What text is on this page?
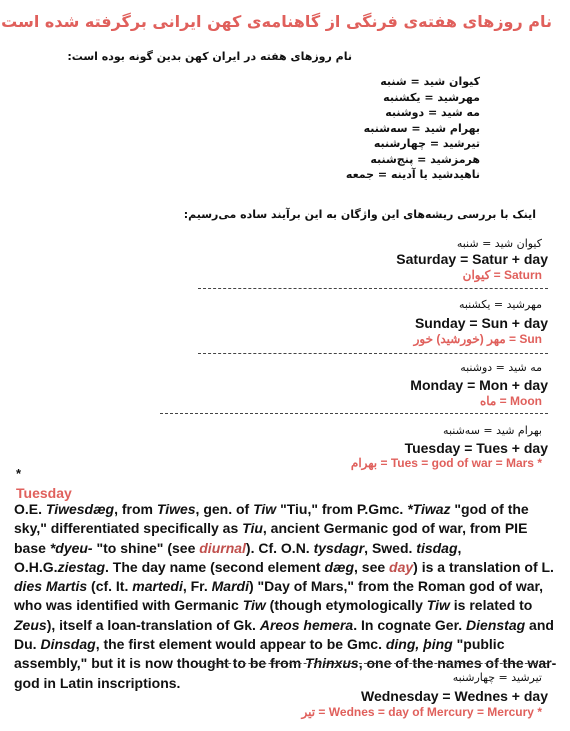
نام روزهای هفته‌ی فرنگی از گاهنامه‌ی کهن ایرانی برگرفته شده است
نام روزهای هفته در ایران کهن بدین گونه بوده است:
کیوان شید = شنبه
مهرشید = یکشنبه
مه شید = دوشنبه
بهرام شید = سه‌شنبه
تیرشید = چهارشنبه
هرمزشید = پنج‌شنبه
ناهیدشید یا آدینه = جمعه
اینک با بررسی ریشه‌های این واژگان به این برآیند ساده می‌رسیم:
کیوان شید = شنبه
Saturday = Satur + day
Saturn = کیوان
مهرشید = یکشنبه
Sunday = Sun + day
Sun = مهر (خورشید) خور
مه شید = دوشنبه
Monday = Mon + day
Moon = ماه
بهرام شید = سه‌شنبه
Tuesday = Tues + day
* Tues = god of war = Mars = بهرام
*
Tuesday
O.E. Tiwesdæg, from Tiwes, gen. of Tiw "Tiu," from P.Gmc. *Tiwaz "god of the sky," differentiated specifically as Tiu, ancient Germanic god of war, from PIE base *dyeu- "to shine" (see diurnal). Cf. O.N. tysdagr, Swed. tisdag, O.H.G.ziestag. The day name (second element dæg, see day) is a translation of L. dies Martis (cf. It. martedi, Fr. Mardi) "Day of Mars," from the Roman god of war, who was identified with Germanic Tiw (though etymologically Tiw is related to Zeus), itself a loan-translation of Gk. Areos hemera. In cognate Ger. Dienstag and Du. Dinsdag, the first element would appear to be Gmc. ding, þing "public assembly," but it is now thought to be from Thinxus, one of the names of the war-god in Latin inscriptions.	تیرشید = چهارشنبه
Wednesday = Wednes + day
* Wednes = day of Mercury = Mercury = تیر
